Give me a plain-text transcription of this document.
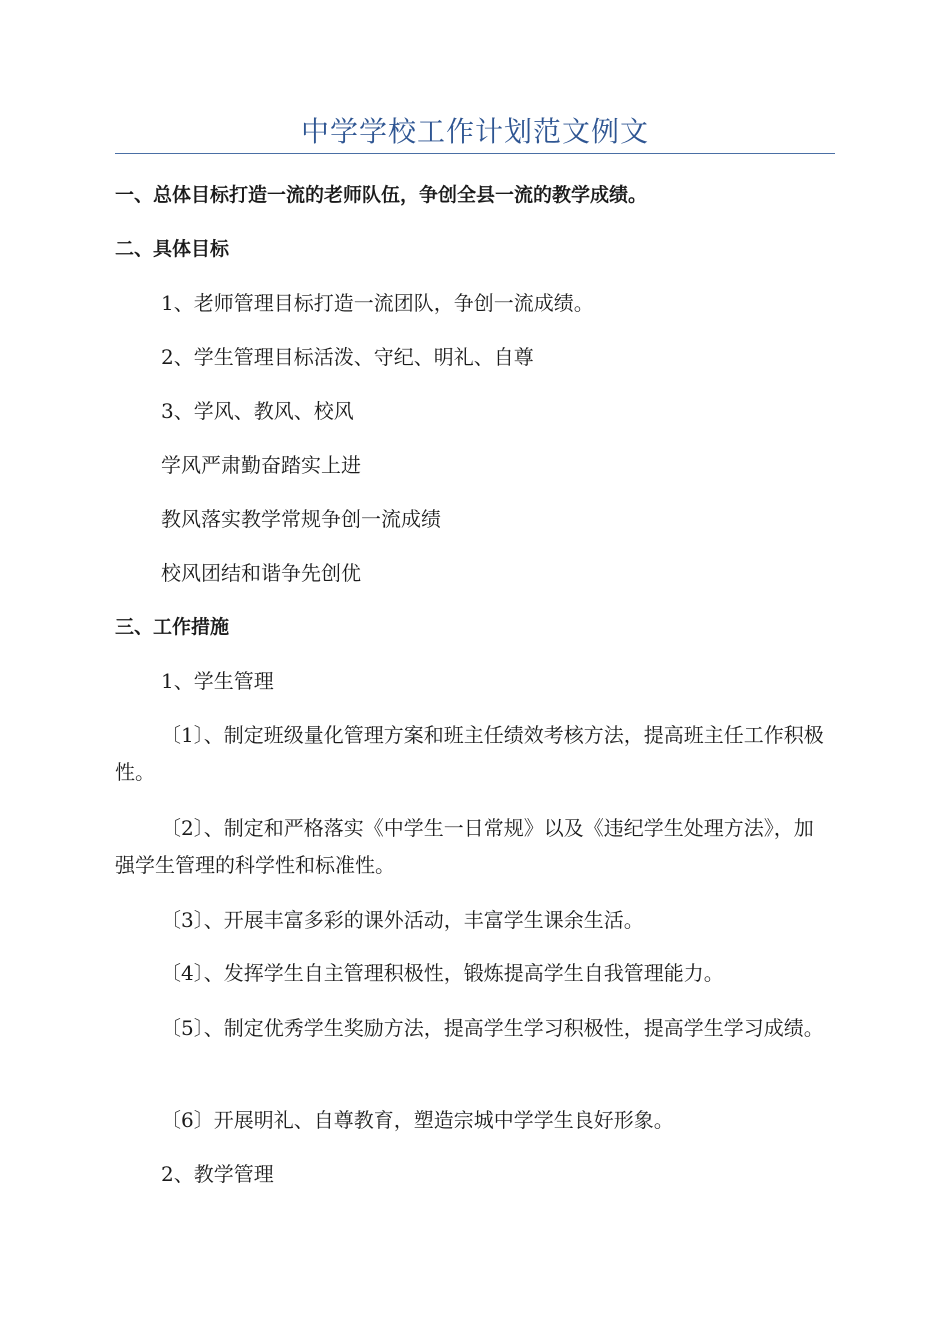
中学学校工作计划范文例文
一、总体目标打造一流的老师队伍，争创全县一流的教学成绩。
二、具体目标
1、老师管理目标打造一流团队，争创一流成绩。
2、学生管理目标活泼、守纪、明礼、自尊
3、学风、教风、校风
学风严肃勤奋踏实上进
教风落实教学常规争创一流成绩
校风团结和谐争先创优
三、工作措施
1、学生管理
〔1〕、制定班级量化管理方案和班主任绩效考核方法，提高班主任工作积极性。
〔2〕、制定和严格落实《中学生一日常规》以及《违纪学生处理方法》，加强学生管理的科学性和标准性。
〔3〕、开展丰富多彩的课外活动，丰富学生课余生活。
〔4〕、发挥学生自主管理积极性，锻炼提高学生自我管理能力。
〔5〕、制定优秀学生奖励方法，提高学生学习积极性，提高学生学习成绩。
〔6〕开展明礼、自尊教育，塑造宗城中学学生良好形象。
2、教学管理
